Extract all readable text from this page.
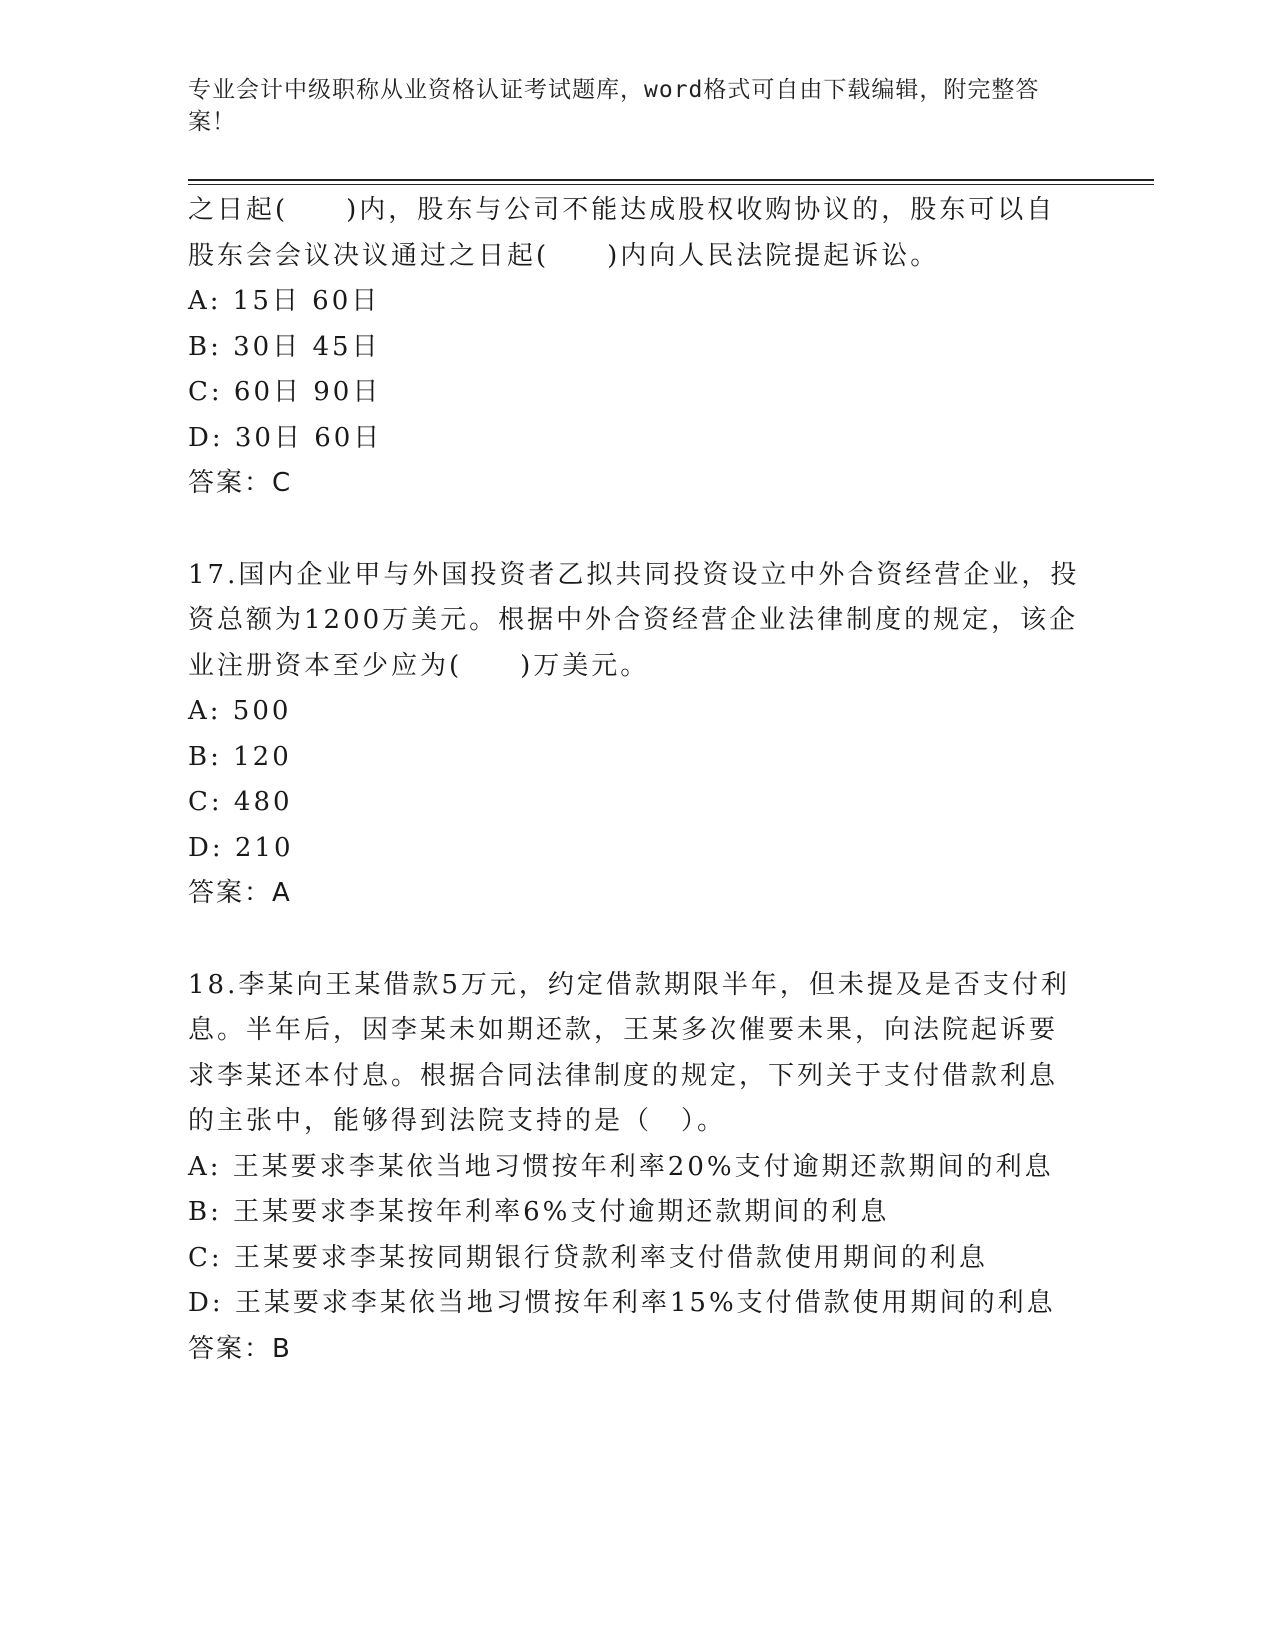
专业会计中级职称从业资格认证考试题库，word格式可自由下载编辑，附完整答案！
之日起(　　)内，股东与公司不能达成股权收购协议的，股东可以自
股东会会议决议通过之日起(　　)内向人民法院提起诉讼。
A: 15日 60日
B: 30日 45日
C: 60日 90日
D: 30日 60日
答案：C
17.国内企业甲与外国投资者乙拟共同投资设立中外合资经营企业，投
资总额为1200万美元。根据中外合资经营企业法律制度的规定，该企
业注册资本至少应为(　　)万美元。
A: 500
B: 120
C: 480
D: 210
答案：A
18.李某向王某借款5万元，约定借款期限半年，但未提及是否支付利
息。半年后，因李某未如期还款，王某多次催要未果，向法院起诉要
求李某还本付息。根据合同法律制度的规定，下列关于支付借款利息
的主张中，能够得到法院支持的是（　）。
A: 王某要求李某依当地习惯按年利率20%支付逾期还款期间的利息
B: 王某要求李某按年利率6%支付逾期还款期间的利息
C: 王某要求李某按同期银行贷款利率支付借款使用期间的利息
D: 王某要求李某依当地习惯按年利率15%支付借款使用期间的利息
答案：B
